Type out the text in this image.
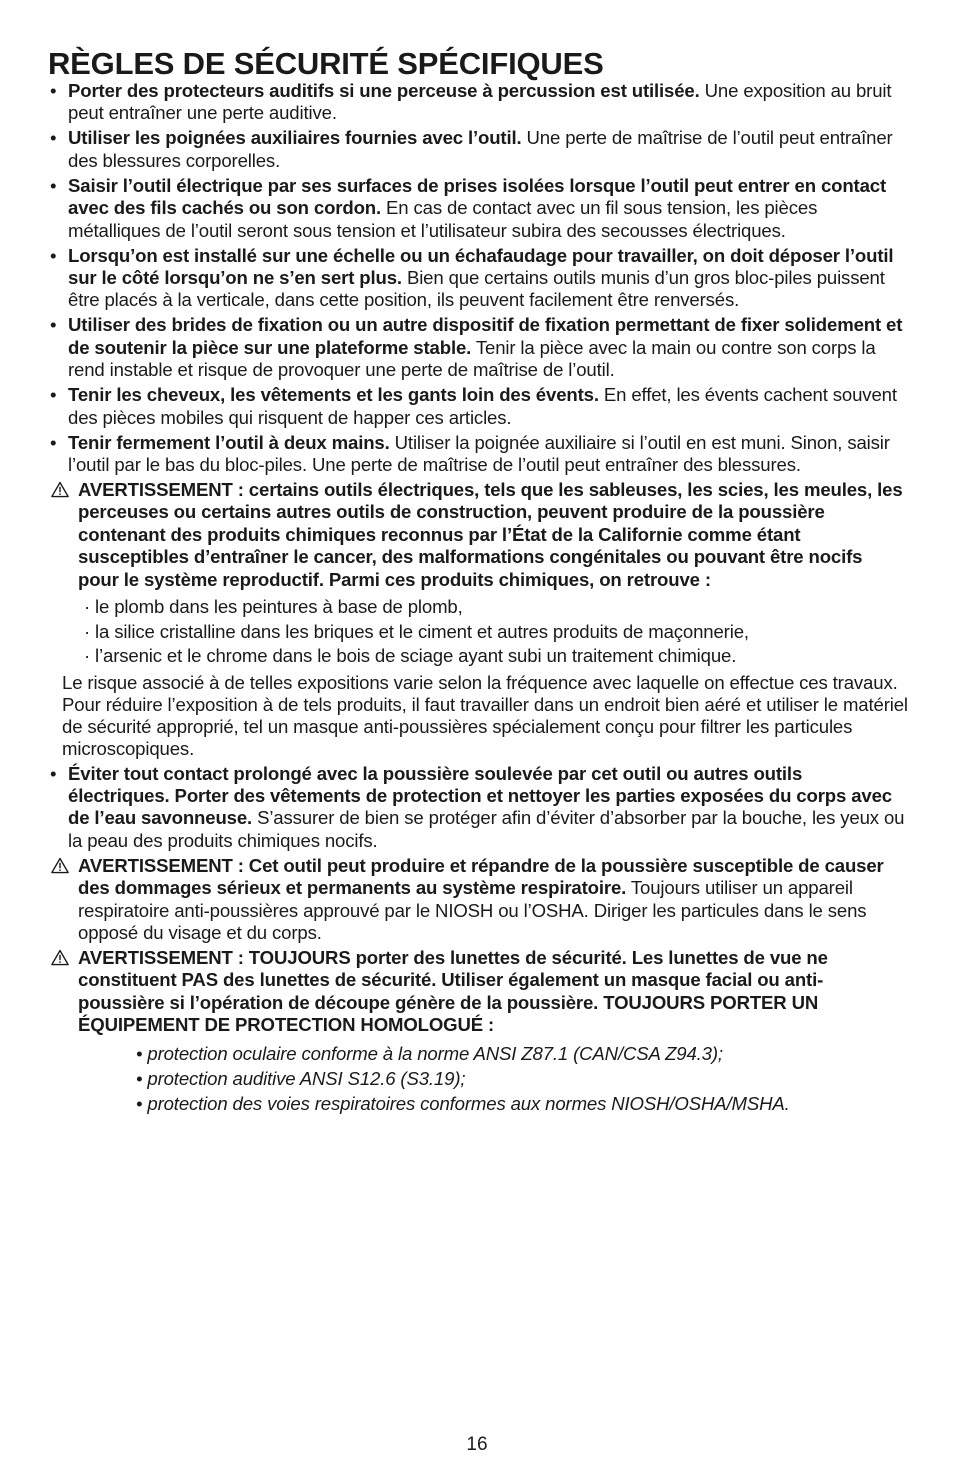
RÈGLES DE SÉCURITÉ SPÉCIFIQUES
• Porter des protecteurs auditifs si une perceuse à percussion est utilisée. Une exposition au bruit peut entraîner une perte auditive.
• Utiliser les poignées auxiliaires fournies avec l’outil. Une perte de maîtrise de l’outil peut entraîner des blessures corporelles.
• Saisir l’outil électrique par ses surfaces de prises isolées lorsque l’outil peut entrer en contact avec des fils cachés ou son cordon. En cas de contact avec un fil sous tension, les pièces métalliques de l’outil seront sous tension et l’utilisateur subira des secousses électriques.
• Lorsqu’on est installé sur une échelle ou un échafaudage pour travailler, on doit déposer l’outil sur le côté lorsqu’on ne s’en sert plus. Bien que certains outils munis d’un gros bloc-piles puissent être placés à la verticale, dans cette position, ils peuvent facilement être renversés.
• Utiliser des brides de fixation ou un autre dispositif de fixation permettant de fixer solidement et de soutenir la pièce sur une plateforme stable. Tenir la pièce avec la main ou contre son corps la rend instable et risque de provoquer une perte de maîtrise de l’outil.
• Tenir les cheveux, les vêtements et les gants loin des évents. En effet, les évents cachent souvent des pièces mobiles qui risquent de happer ces articles.
• Tenir fermement l’outil à deux mains. Utiliser la poignée auxiliaire si l’outil en est muni. Sinon, saisir l’outil par le bas du bloc-piles. Une perte de maîtrise de l’outil peut entraîner des blessures.
AVERTISSEMENT : certains outils électriques, tels que les sableuses, les scies, les meules, les perceuses ou certains autres outils de construction, peuvent produire de la poussière contenant des produits chimiques reconnus par l’État de la Californie comme étant susceptibles d’entraîner le cancer, des malformations congénitales ou pouvant être nocifs pour le système reproductif. Parmi ces produits chimiques, on retrouve :
· le plomb dans les peintures à base de plomb,
· la silice cristalline dans les briques et le ciment et autres produits de maçonnerie,
· l’arsenic et le chrome dans le bois de sciage ayant subi un traitement chimique.
Le risque associé à de telles expositions varie selon la fréquence avec laquelle on effectue ces travaux. Pour réduire l’exposition à de tels produits, il faut travailler dans un endroit bien aéré et utiliser le matériel de sécurité approprié, tel un masque anti-poussières spécialement conçu pour filtrer les particules microscopiques.
• Éviter tout contact prolongé avec la poussière soulevée par cet outil ou autres outils électriques. Porter des vêtements de protection et nettoyer les parties exposées du corps avec de l’eau savonneuse. S’assurer de bien se protéger afin d’éviter d’absorber par la bouche, les yeux ou la peau des produits chimiques nocifs.
AVERTISSEMENT : Cet outil peut produire et répandre de la poussière susceptible de causer des dommages sérieux et permanents au système respiratoire. Toujours utiliser un appareil respiratoire anti-poussières approuvé par le NIOSH ou l’OSHA. Diriger les particules dans le sens opposé du visage et du corps.
AVERTISSEMENT : TOUJOURS porter des lunettes de sécurité. Les lunettes de vue ne constituent PAS des lunettes de sécurité. Utiliser également un masque facial ou anti-poussière si l’opération de découpe génère de la poussière. TOUJOURS PORTER UN ÉQUIPEMENT DE PROTECTION HOMOLOGUÉ :
• protection oculaire conforme à la norme ANSI Z87.1 (CAN/CSA Z94.3);
• protection auditive ANSI S12.6 (S3.19);
• protection des voies respiratoires conformes aux normes NIOSH/OSHA/MSHA.
16
